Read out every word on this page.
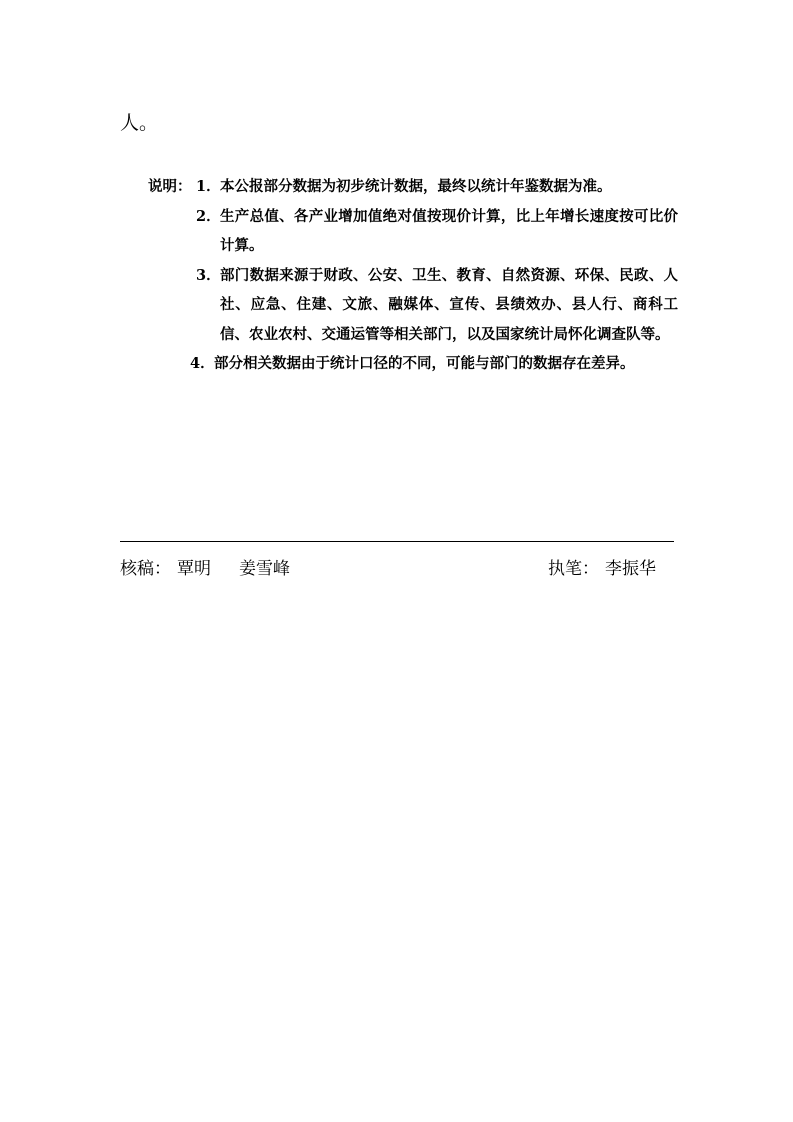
人。
说明： 1． 本公报部分数据为初步统计数据，最终以统计年鉴数据为准。
2． 生产总值、各产业增加值绝对值按现价计算，比上年增长速度按可比价计算。
3． 部门数据来源于财政、公安、卫生、教育、自然资源、环保、民政、人社、应急、住建、文旅、融媒体、宣传、县绩效办、县人行、商科工信、农业农村、交通运管等相关部门，以及国家统计局怀化调查队等。
4． 部分相关数据由于统计口径的不同，可能与部门的数据存在差异。
核稿： 覃明 姜雪峰	执笔： 李振华
